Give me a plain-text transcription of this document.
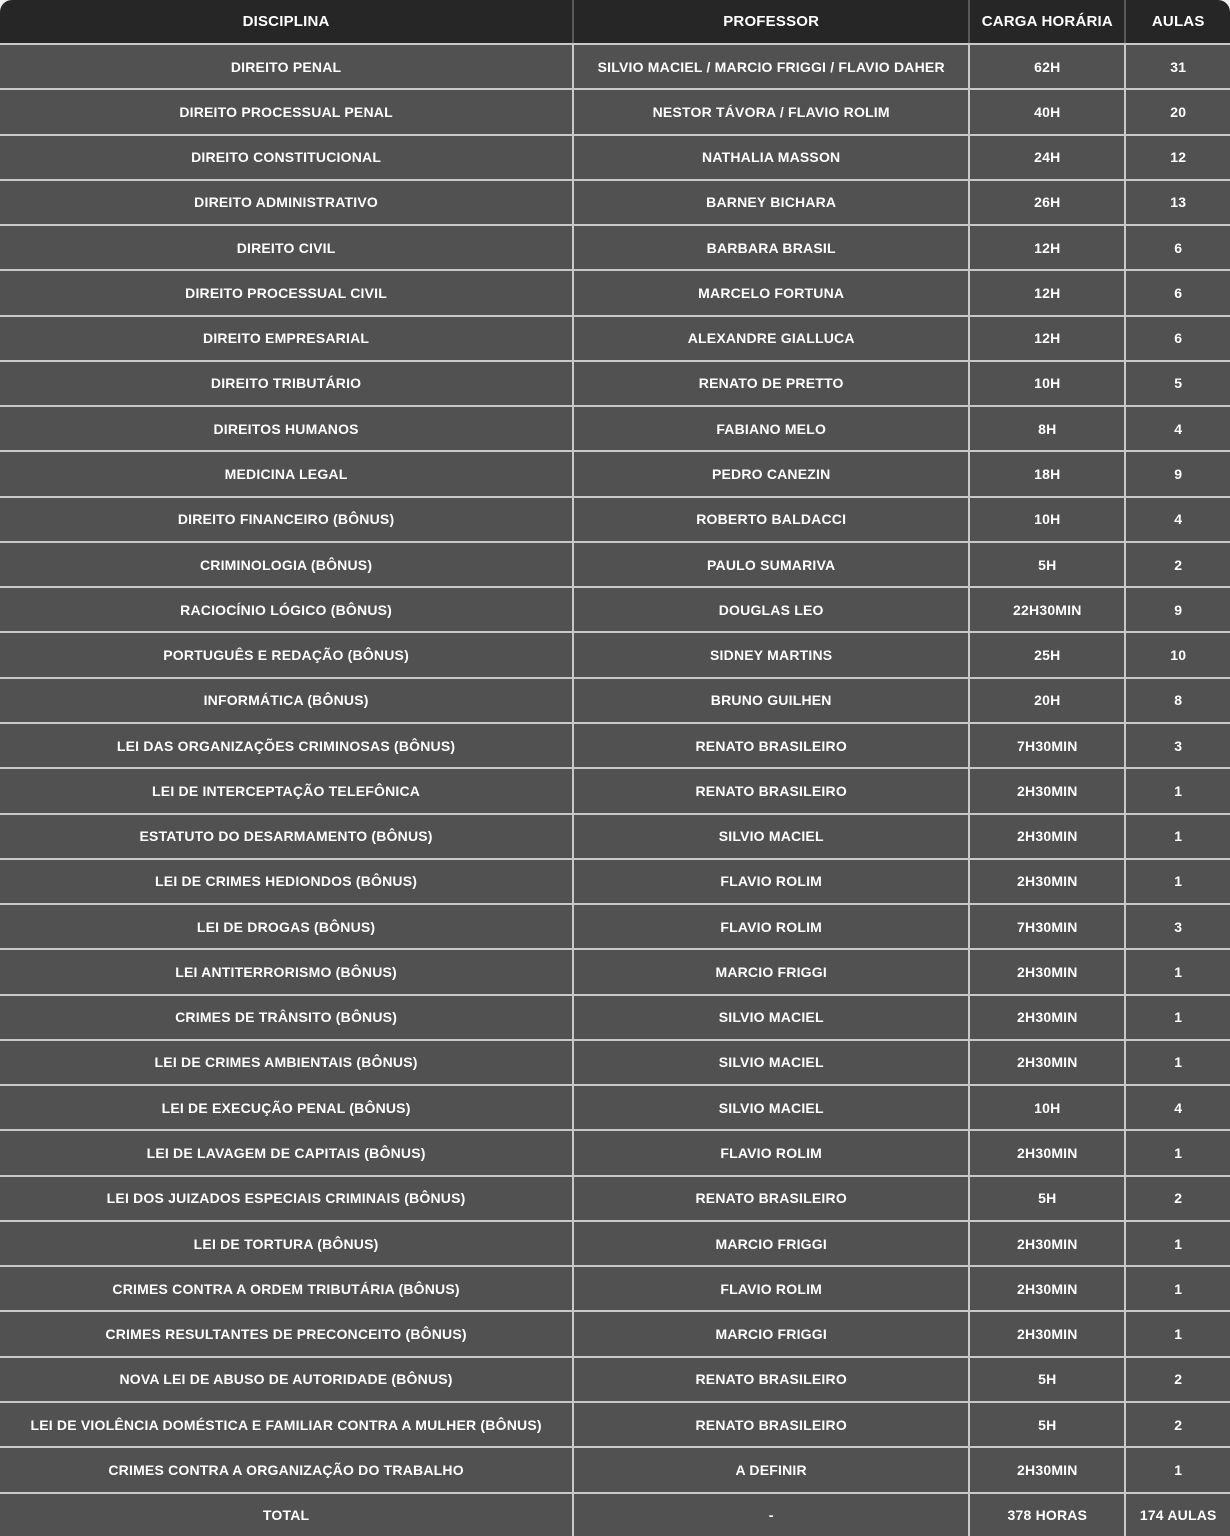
DISCIPLINA	PROFESSOR	CARGA HORÁRIA	AULAS
DIREITO PENAL	SILVIO MACIEL / MARCIO FRIGGI / FLAVIO DAHER	62H	31
DIREITO PROCESSUAL PENAL	NESTOR TÁVORA / FLAVIO ROLIM	40H	20
DIREITO CONSTITUCIONAL	NATHALIA MASSON	24H	12
DIREITO ADMINISTRATIVO	BARNEY BICHARA	26H	13
DIREITO CIVIL	BARBARA BRASIL	12H	6
DIREITO PROCESSUAL CIVIL	MARCELO FORTUNA	12H	6
DIREITO EMPRESARIAL	ALEXANDRE GIALLUCA	12H	6
DIREITO TRIBUTÁRIO	RENATO DE PRETTO	10H	5
DIREITOS HUMANOS	FABIANO MELO	8H	4
MEDICINA LEGAL	PEDRO CANEZIN	18H	9
DIREITO FINANCEIRO (BÔNUS)	ROBERTO BALDACCI	10H	4
CRIMINOLOGIA (BÔNUS)	PAULO SUMARIVA	5H	2
RACIOCÍNIO LÓGICO (BÔNUS)	DOUGLAS LEO	22H30MIN	9
PORTUGUÊS E REDAÇÃO (BÔNUS)	SIDNEY MARTINS	25H	10
INFORMÁTICA (BÔNUS)	BRUNO GUILHEN	20H	8
LEI DAS ORGANIZAÇÕES CRIMINOSAS (BÔNUS)	RENATO BRASILEIRO	7H30MIN	3
LEI DE INTERCEPTAÇÃO TELEFÔNICA	RENATO BRASILEIRO	2H30MIN	1
ESTATUTO DO DESARMAMENTO (BÔNUS)	SILVIO MACIEL	2H30MIN	1
LEI DE CRIMES HEDIONDOS (BÔNUS)	FLAVIO ROLIM	2H30MIN	1
LEI DE DROGAS (BÔNUS)	FLAVIO ROLIM	7H30MIN	3
LEI ANTITERRORISMO (BÔNUS)	MARCIO FRIGGI	2H30MIN	1
CRIMES DE TRÂNSITO (BÔNUS)	SILVIO MACIEL	2H30MIN	1
LEI DE CRIMES AMBIENTAIS (BÔNUS)	SILVIO MACIEL	2H30MIN	1
LEI DE EXECUÇÃO PENAL (BÔNUS)	SILVIO MACIEL	10H	4
LEI DE LAVAGEM DE CAPITAIS (BÔNUS)	FLAVIO ROLIM	2H30MIN	1
LEI DOS JUIZADOS ESPECIAIS CRIMINAIS (BÔNUS)	RENATO BRASILEIRO	5H	2
LEI DE TORTURA (BÔNUS)	MARCIO FRIGGI	2H30MIN	1
CRIMES CONTRA A ORDEM TRIBUTÁRIA (BÔNUS)	FLAVIO ROLIM	2H30MIN	1
CRIMES RESULTANTES DE PRECONCEITO (BÔNUS)	MARCIO FRIGGI	2H30MIN	1
NOVA LEI DE ABUSO DE AUTORIDADE (BÔNUS)	RENATO BRASILEIRO	5H	2
LEI DE VIOLÊNCIA DOMÉSTICA E FAMILIAR CONTRA A MULHER (BÔNUS)	RENATO BRASILEIRO	5H	2
CRIMES CONTRA A ORGANIZAÇÃO DO TRABALHO	A DEFINIR	2H30MIN	1
TOTAL	-	378 HORAS	174 AULAS
